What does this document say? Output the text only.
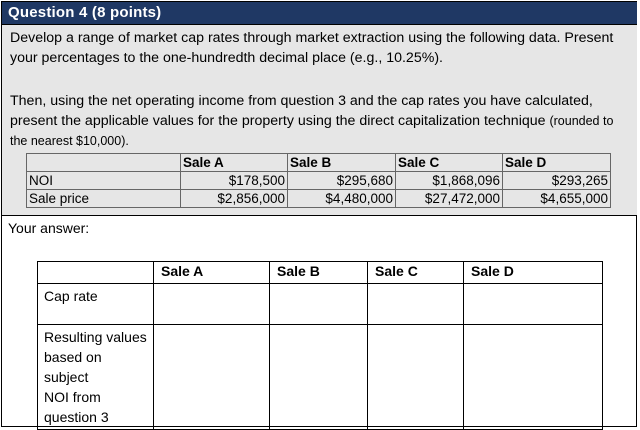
Question 4 (8 points)
Develop a range of market cap rates through market extraction using the following data. Present your percentages to the one-hundredth decimal place (e.g., 10.25%).
Then, using the net operating income from question 3 and the cap rates you have calculated, present the applicable values for the property using the direct capitalization technique (rounded to the nearest $10,000).
	Sale A	Sale B	Sale C	Sale D
NOI	$178,500	$295,680	$1,868,096	$293,265
Sale price	$2,856,000	$4,480,000	$27,472,000	$4,655,000
Your answer:
	Sale A	Sale B	Sale C	Sale D
Cap rate				

Resulting values
based on subject
NOI from
question 3				
